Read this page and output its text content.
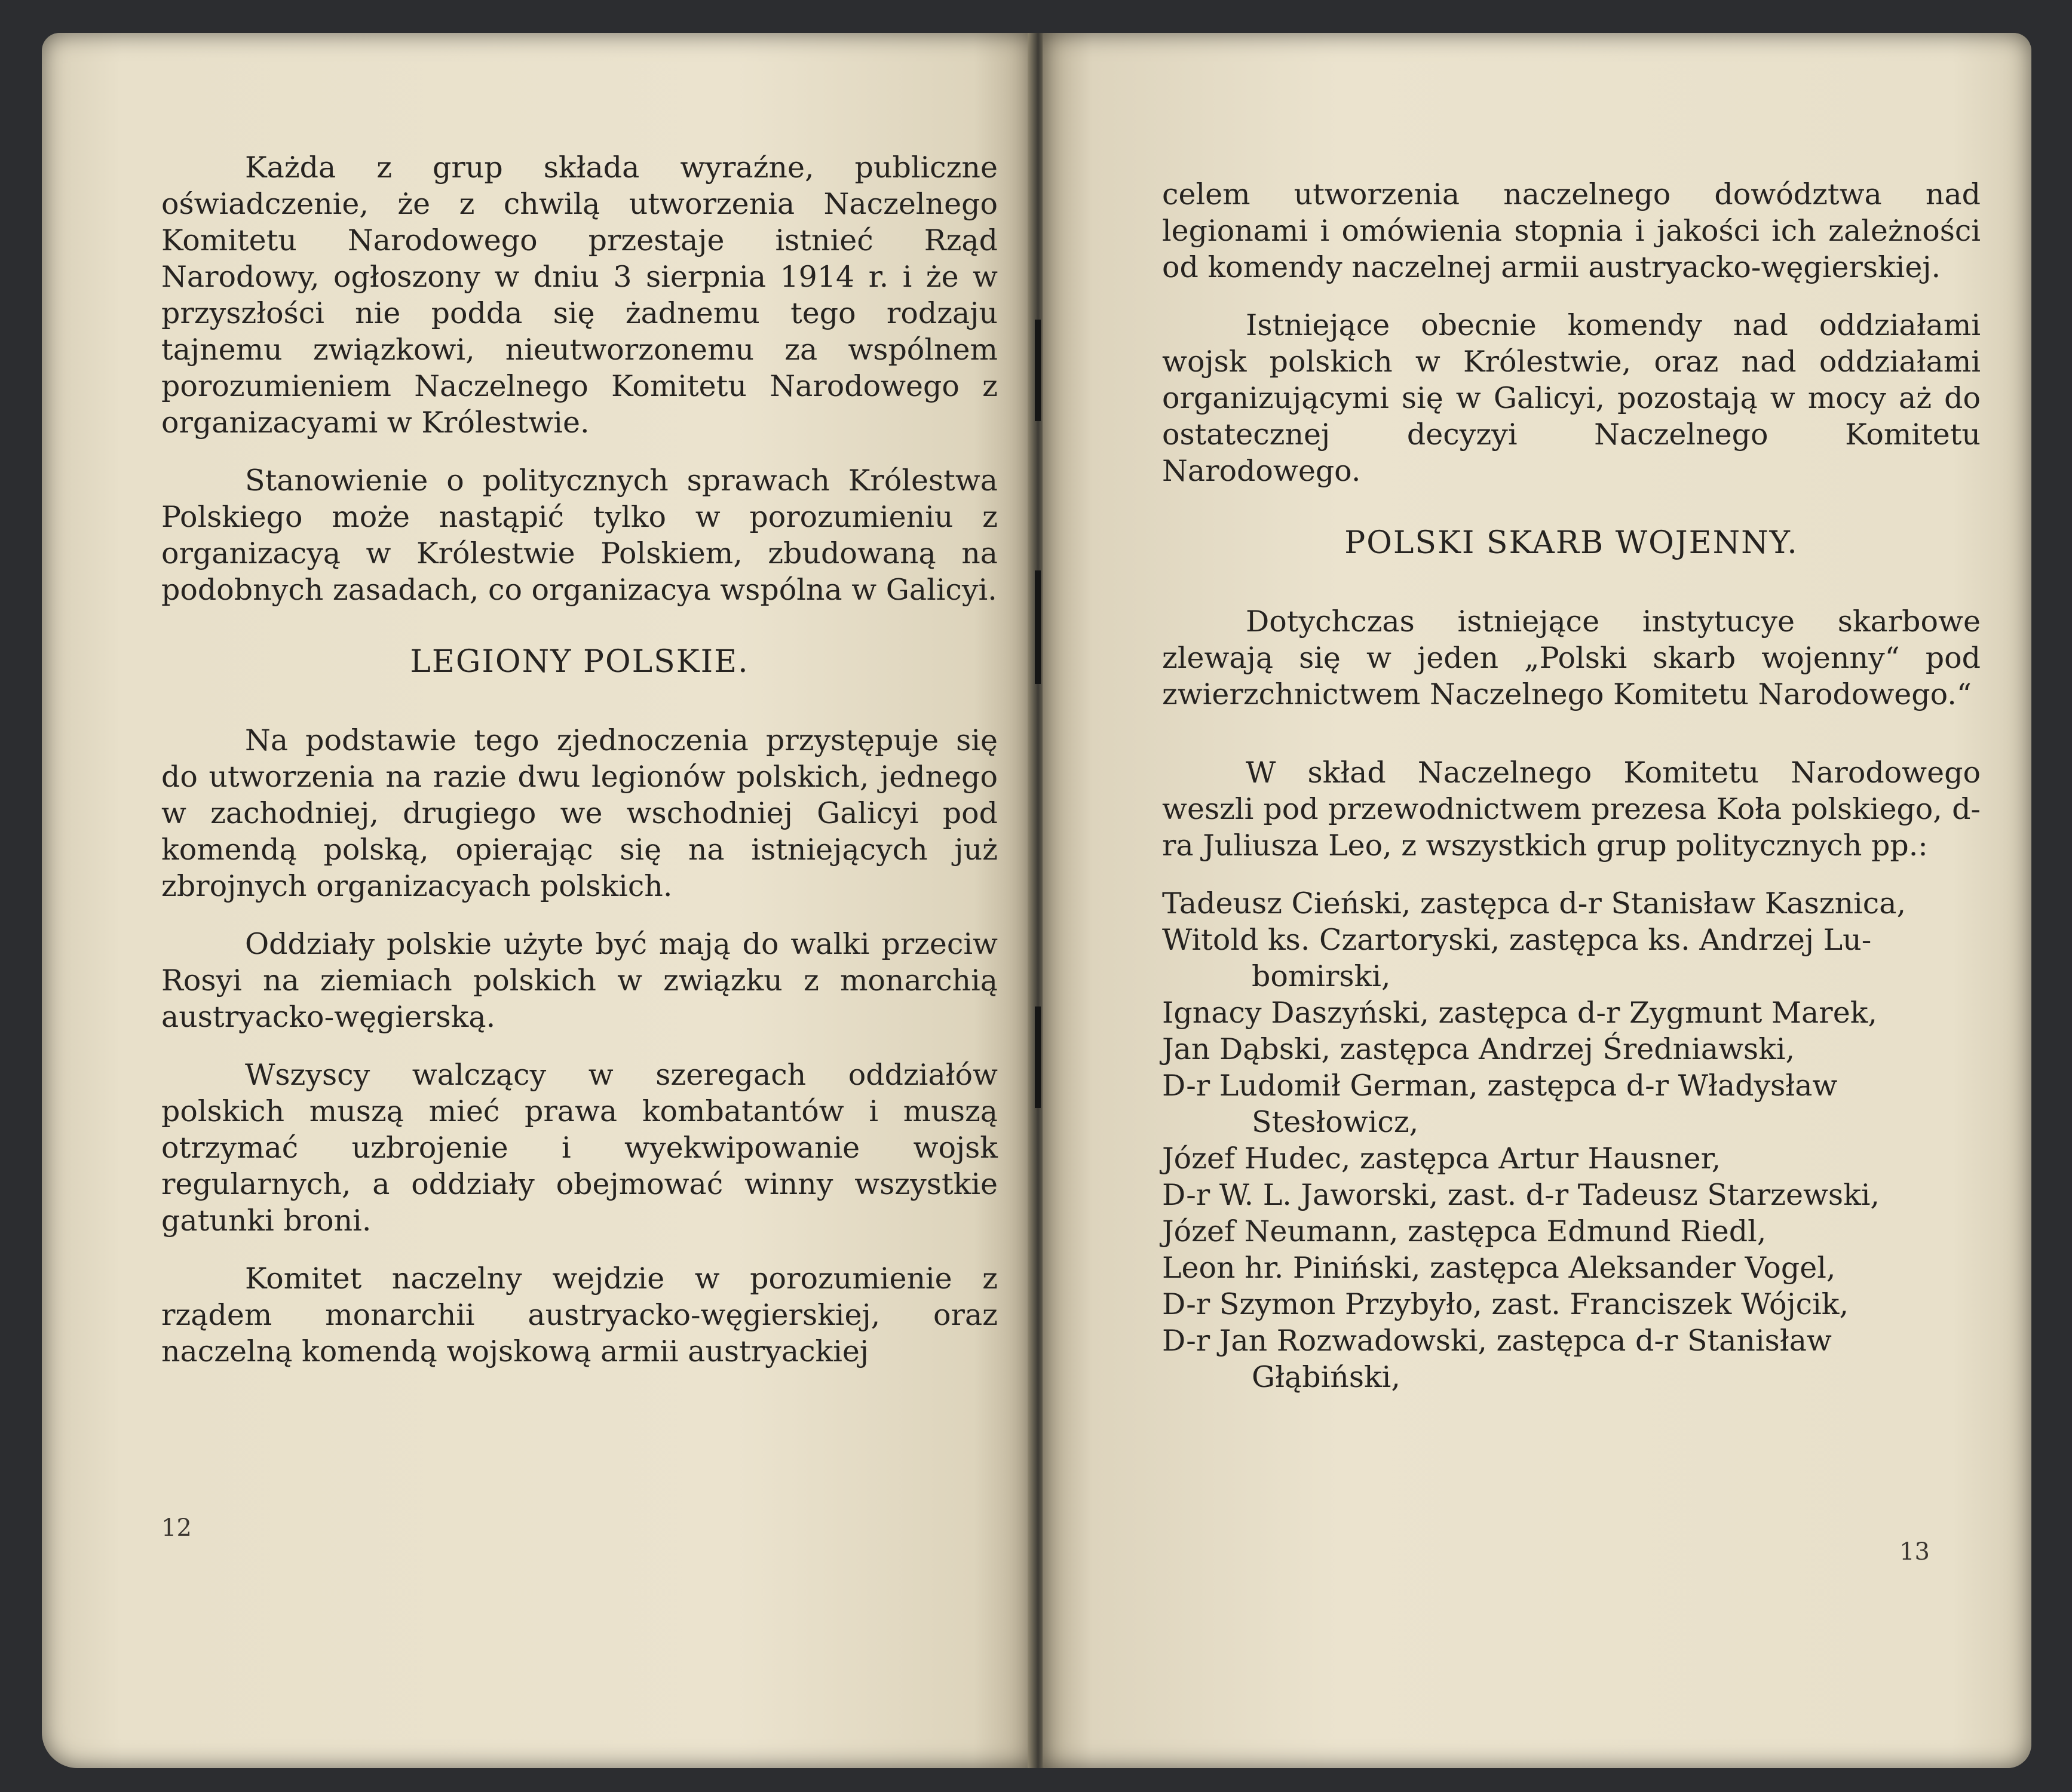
Każda z grup składa wyraźne, publiczne oświadczenie, że z chwilą utworzenia Naczelnego Komitetu Narodowego przestaje istnieć Rząd Narodowy, ogłoszony w dniu 3 sierpnia 1914 r. i że w przyszłości nie podda się żadnemu tego rodzaju tajnemu związkowi, nieutworzonemu za wspólnem porozumieniem Naczelnego Komitetu Narodowego z organizacyami w Królestwie.

Stanowienie o politycznych sprawach Królestwa Polskiego może nastąpić tylko w porozumieniu z organizacyą w Królestwie Polskiem, zbudowaną na podobnych zasadach, co organizacya wspólna w Galicyi.

LEGIONY POLSKIE.

Na podstawie tego zjednoczenia przystępuje się do utworzenia na razie dwu legionów polskich, jednego w zachodniej, drugiego we wschodniej Galicyi pod komendą polską, opierając się na istniejących już zbrojnych organizacyach polskich.

Oddziały polskie użyte być mają do walki przeciw Rosyi na ziemiach polskich w związku z monarchią austryacko-węgierską.

Wszyscy walczący w szeregach oddziałów polskich muszą mieć prawa kombatantów i muszą otrzymać uzbrojenie i wyekwipowanie wojsk regularnych, a oddziały obejmować winny wszystkie gatunki broni.

Komitet naczelny wejdzie w porozumienie z rządem monarchii austryacko-węgierskiej, oraz naczelną komendą wojskową armii austryackiej

12

celem utworzenia naczelnego dowództwa nad legionami i omówienia stopnia i jakości ich zależności od komendy naczelnej armii austryacko-węgierskiej.

Istniejące obecnie komendy nad oddziałami wojsk polskich w Królestwie, oraz nad oddziałami organizującymi się w Galicyi, pozostają w mocy aż do ostatecznej decyzyi Naczelnego Komitetu Narodowego.

POLSKI SKARB WOJENNY.

Dotychczas istniejące instytucye skarbowe zlewają się w jeden „Polski skarb wojenny“ pod zwierzchnictwem Naczelnego Komitetu Narodowego.“

W skład Naczelnego Komitetu Narodowego weszli pod przewodnictwem prezesa Koła polskiego, d-ra Juliusza Leo, z wszystkich grup politycznych pp.:

Tadeusz Cieński, zastępca d-r Stanisław Kasznica,
Witold ks. Czartoryski, zastępca ks. Andrzej Lu-
bomirski,
Ignacy Daszyński, zastępca d-r Zygmunt Marek,
Jan Dąbski, zastępca Andrzej Średniawski,
D-r Ludomił German, zastępca d-r Władysław
Stesłowicz,
Józef Hudec, zastępca Artur Hausner,
D-r W. L. Jaworski, zast. d-r Tadeusz Starzewski,
Józef Neumann, zastępca Edmund Riedl,
Leon hr. Piniński, zastępca Aleksander Vogel,
D-r Szymon Przybyło, zast. Franciszek Wójcik,
D-r Jan Rozwadowski, zastępca d-r Stanisław
Głąbiński,
13
